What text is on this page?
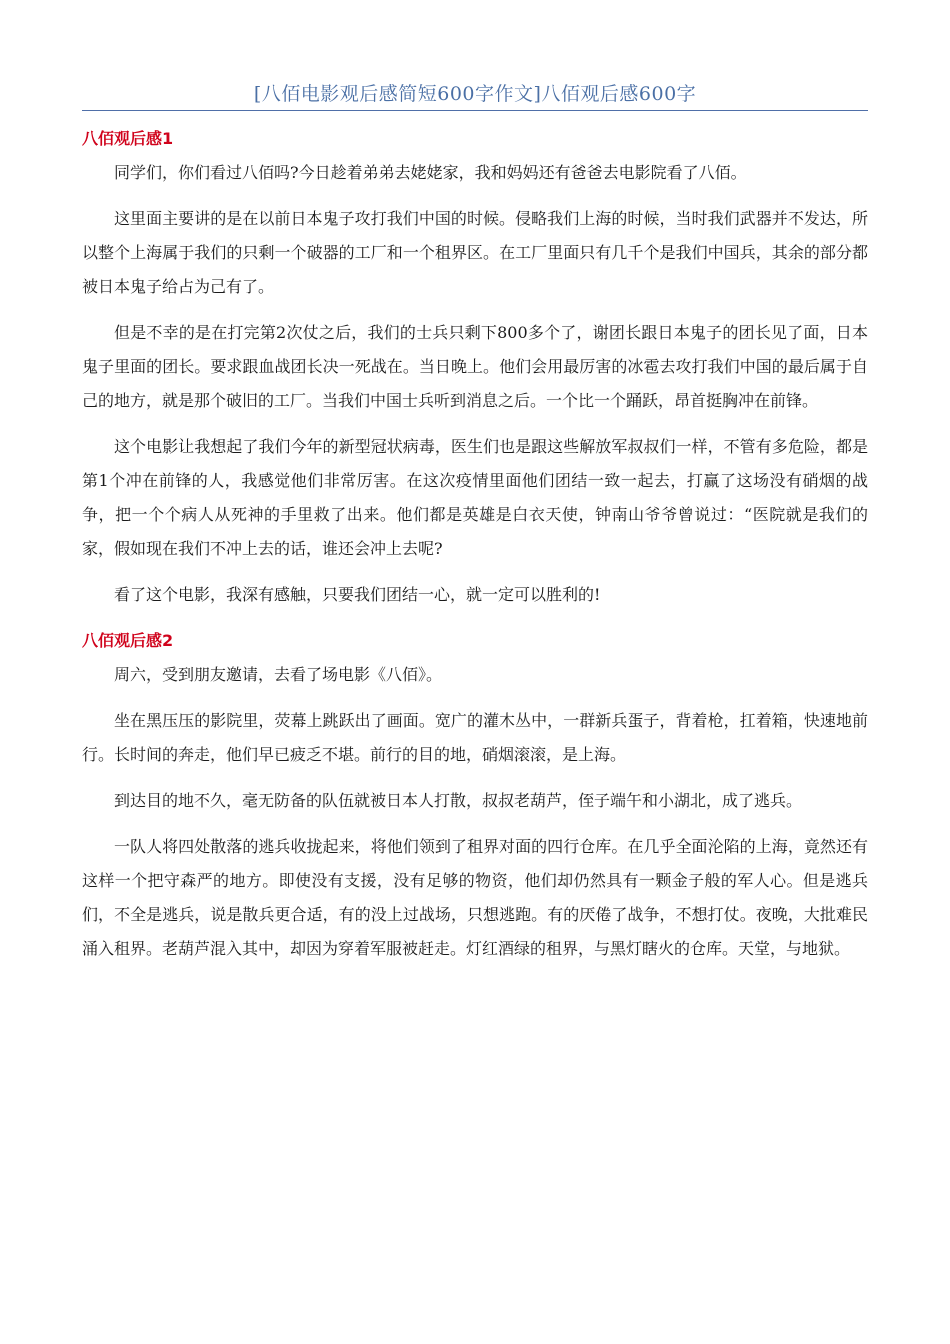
[八佰电影观后感简短600字作文]八佰观后感600字
八佰观后感1

同学们，你们看过八佰吗?今日趁着弟弟去姥姥家，我和妈妈还有爸爸去电影院看了八佰。

这里面主要讲的是在以前日本鬼子攻打我们中国的时候。侵略我们上海的时候，当时我们武器并不发达，所以整个上海属于我们的只剩一个破器的工厂和一个租界区。在工厂里面只有几千个是我们中国兵，其余的部分都被日本鬼子给占为己有了。

但是不幸的是在打完第2次仗之后，我们的士兵只剩下800多个了，谢团长跟日本鬼子的团长见了面，日本鬼子里面的团长。要求跟血战团长决一死战在。当日晚上。他们会用最厉害的冰雹去攻打我们中国的最后属于自己的地方，就是那个破旧的工厂。当我们中国士兵听到消息之后。一个比一个踊跃，昂首挺胸冲在前锋。

这个电影让我想起了我们今年的新型冠状病毒，医生们也是跟这些解放军叔叔们一样，不管有多危险，都是第1个冲在前锋的人，我感觉他们非常厉害。在这次疫情里面他们团结一致一起去，打赢了这场没有硝烟的战争，把一个个病人从死神的手里救了出来。他们都是英雄是白衣天使，钟南山爷爷曾说过：“医院就是我们的家，假如现在我们不冲上去的话，谁还会冲上去呢?

看了这个电影，我深有感触，只要我们团结一心，就一定可以胜利的!

八佰观后感2

周六，受到朋友邀请，去看了场电影《八佰》。

坐在黑压压的影院里，荧幕上跳跃出了画面。宽广的灌木丛中，一群新兵蛋子，背着枪，扛着箱，快速地前行。长时间的奔走，他们早已疲乏不堪。前行的目的地，硝烟滚滚，是上海。

到达目的地不久，毫无防备的队伍就被日本人打散，叔叔老葫芦，侄子端午和小湖北，成了逃兵。

一队人将四处散落的逃兵收拢起来，将他们领到了租界对面的四行仓库。在几乎全面沦陷的上海，竟然还有这样一个把守森严的地方。即使没有支援，没有足够的物资，他们却仍然具有一颗金子般的军人心。但是逃兵们，不全是逃兵，说是散兵更合适，有的没上过战场，只想逃跑。有的厌倦了战争，不想打仗。夜晚，大批难民涌入租界。老葫芦混入其中，却因为穿着军服被赶走。灯红酒绿的租界，与黑灯瞎火的仓库。天堂，与地狱。
